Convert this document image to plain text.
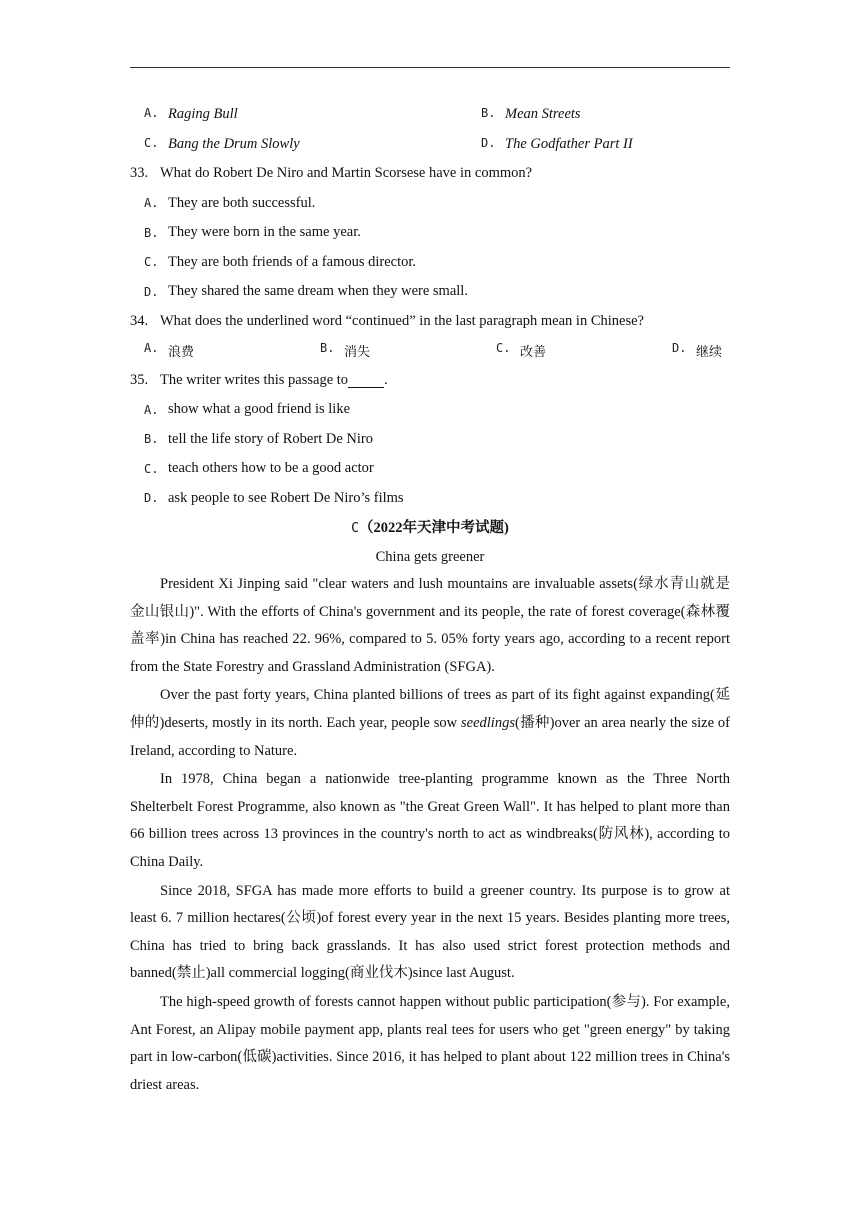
A. Raging Bull	B. Mean Streets
C. Bang the Drum Slowly	D. The Godfather Part II
33. What do Robert De Niro and Martin Scorsese have in common?
A. They are both successful.
B. They were born in the same year.
C. They are both friends of a famous director.
D. They shared the same dream when they were small.
34. What does the underlined word “continued” in the last paragraph mean in Chinese?
A. 浪费	B. 消失	C. 改善	D. 继续
35. The writer writes this passage to .
A. show what a good friend is like
B. tell the life story of Robert De Niro
C. teach others how to be a good actor
D. ask people to see Robert De Niro’s films
C（2022年天津中考试题)
China gets greener

President Xi Jinping said "clear waters and lush mountains are invaluable assets(绿水青山就是金山银山)". With the efforts of China's government and its people, the rate of forest coverage(森林覆盖率)in China has reached 22. 96%, compared to 5. 05% forty years ago, according to a recent report from the State Forestry and Grassland Administration (SFGA).

Over the past forty years, China planted billions of trees as part of its fight against expanding(延伸的)deserts, mostly in its north. Each year, people sow seedlings(播种)over an area nearly the size of Ireland, according to Nature.

In 1978, China began a nationwide tree-planting programme known as the Three North Shelterbelt Forest Programme, also known as "the Great Green Wall". It has helped to plant more than 66 billion trees across 13 provinces in the country's north to act as windbreaks(防风林), according to China Daily.

Since 2018, SFGA has made more efforts to build a greener country. Its purpose is to grow at least 6. 7 million hectares(公顷)of forest every year in the next 15 years. Besides planting more trees, China has tried to bring back grasslands. It has also used strict forest protection methods and banned(禁止)all commercial logging(商业伐木)since last August.

The high-speed growth of forests cannot happen without public participation(参与). For example, Ant Forest, an Alipay mobile payment app, plants real tees for users who get "green energy" by taking part in low-carbon(低碳)activities. Since 2016, it has helped to plant about 122 million trees in China's driest areas.
